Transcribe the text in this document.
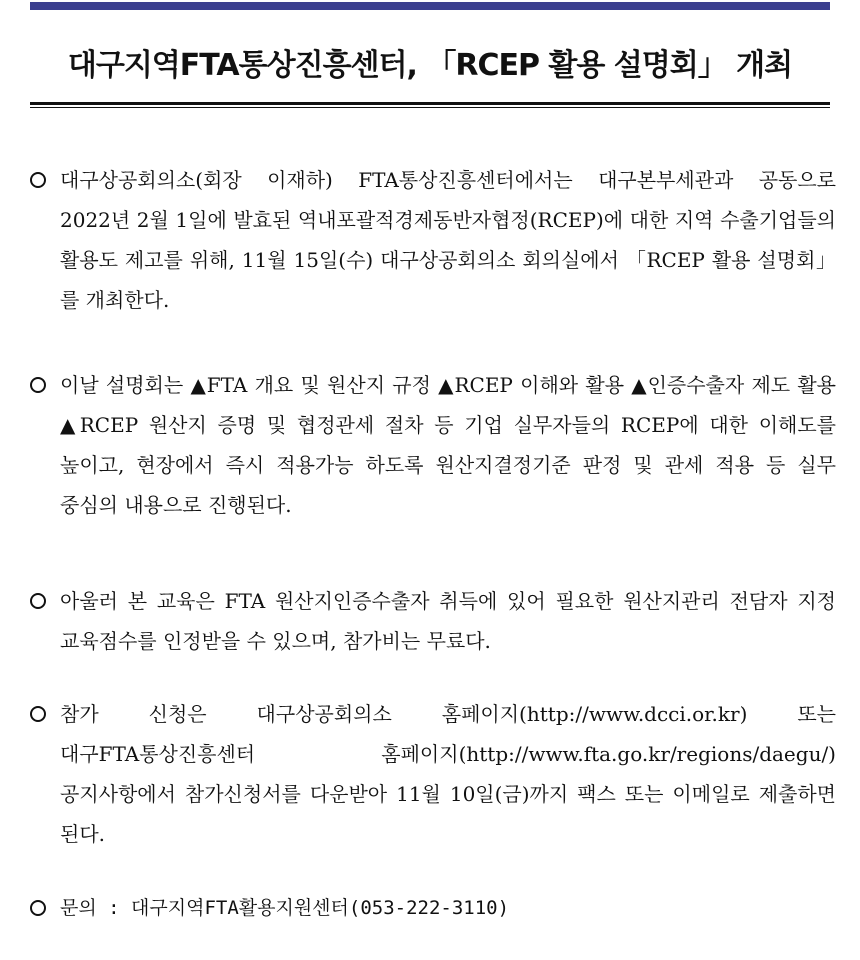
대구지역FTA통상진흥센터, 「RCEP 활용 설명회」 개최
대구상공회의소(회장 이재하) FTA통상진흥센터에서는 대구본부세관과 공동으로 2022년 2월 1일에 발효된 역내포괄적경제동반자협정(RCEP)에 대한 지역 수출기업들의 활용도 제고를 위해, 11월 15일(수) 대구상공회의소 회의실에서 「RCEP 활용 설명회」를 개최한다.
이날 설명회는 ▲FTA 개요 및 원산지 규정 ▲RCEP 이해와 활용 ▲인증수출자 제도 활용 ▲RCEP 원산지 증명 및 협정관세 절차 등 기업 실무자들의 RCEP에 대한 이해도를 높이고, 현장에서 즉시 적용가능 하도록 원산지결정기준 판정 및 관세 적용 등 실무 중심의 내용으로 진행된다.
아울러 본 교육은 FTA 원산지인증수출자 취득에 있어 필요한 원산지관리 전담자 지정 교육점수를 인정받을 수 있으며, 참가비는 무료다.
참가 신청은 대구상공회의소 홈페이지(http://www.dcci.or.kr) 또는 대구FTA통상진흥센터 홈페이지(http://www.fta.go.kr/regions/daegu/) 공지사항에서 참가신청서를 다운받아 11월 10일(금)까지 팩스 또는 이메일로 제출하면 된다.
문의 : 대구지역FTA활용지원센터(053-222-3110)
